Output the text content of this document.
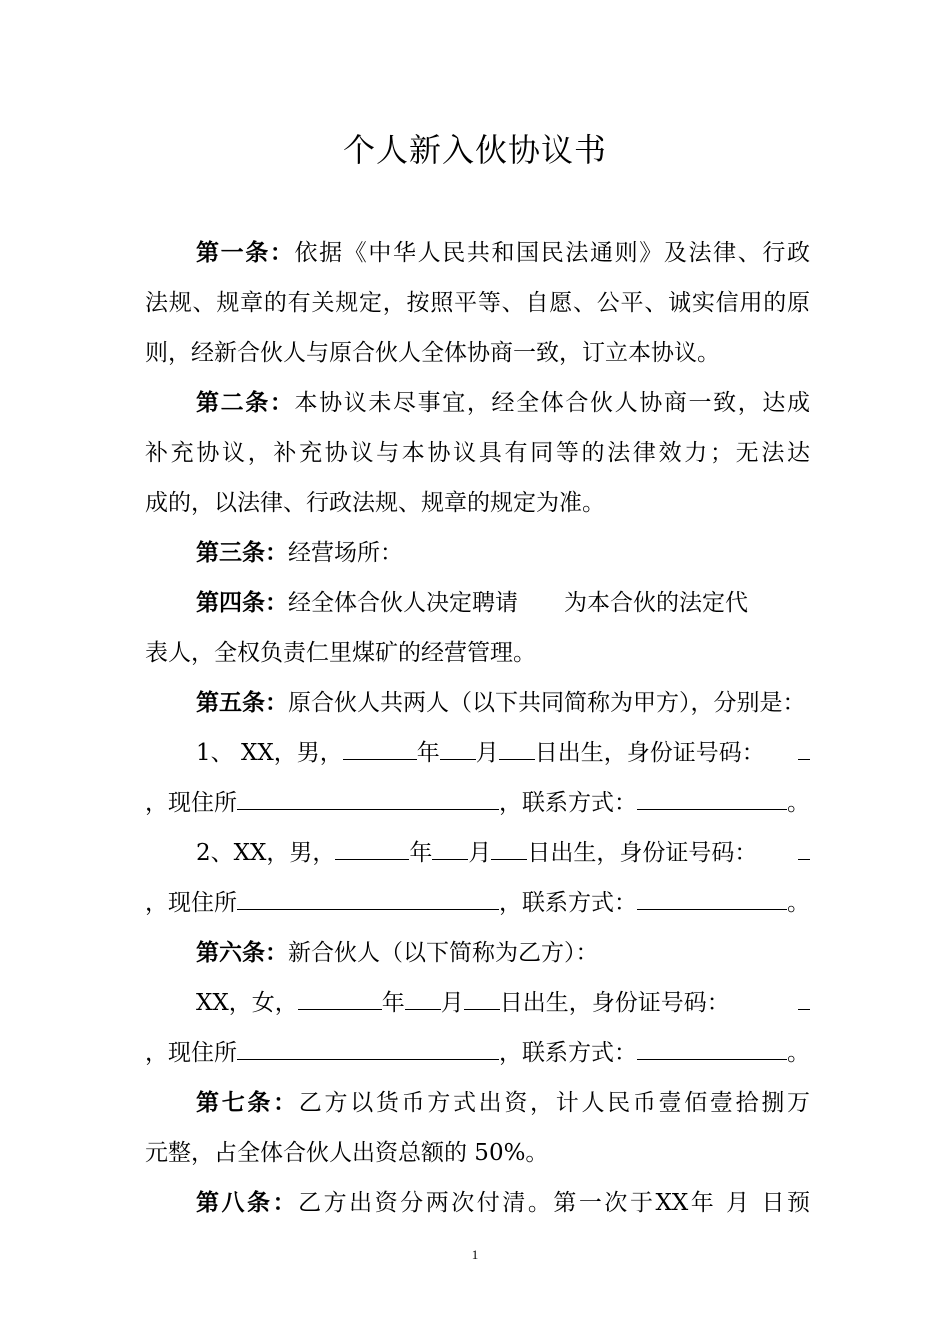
个人新入伙协议书
第一条：依据《中华人民共和国民法通则》及法律、行政
法规、规章的有关规定，按照平等、自愿、公平、诚实信用的原
则，经新合伙人与原合伙人全体协商一致，订立本协议。
第二条：本协议未尽事宜，经全体合伙人协商一致，达成
补充协议，补充协议与本协议具有同等的法律效力；无法达
成的，以法律、行政法规、规章的规定为准。
第三条：经营场所：
第四条：经全体合伙人决定聘请 为本合伙的法定代
表人，全权负责仁里煤矿的经营管理。
第五条：原合伙人共两人（以下共同简称为甲方），分别是：
1、 XX，男，	年 月 日出生，身份证号码：
，现住所	，联系方式：	。
2、XX，男，	年 月 日出生，身份证号码：
，现住所	，联系方式：	。
第六条：新合伙人（以下简称为乙方）：
XX，女，	年 月 日出生，身份证号码：
，现住所	，联系方式：	。
第七条：乙方以货币方式出资，计人民币壹佰壹拾捌万
元整，占全体合伙人出资总额的 50%。
第八条：乙方出资分两次付清。第一次于XX年 月 日预
1
